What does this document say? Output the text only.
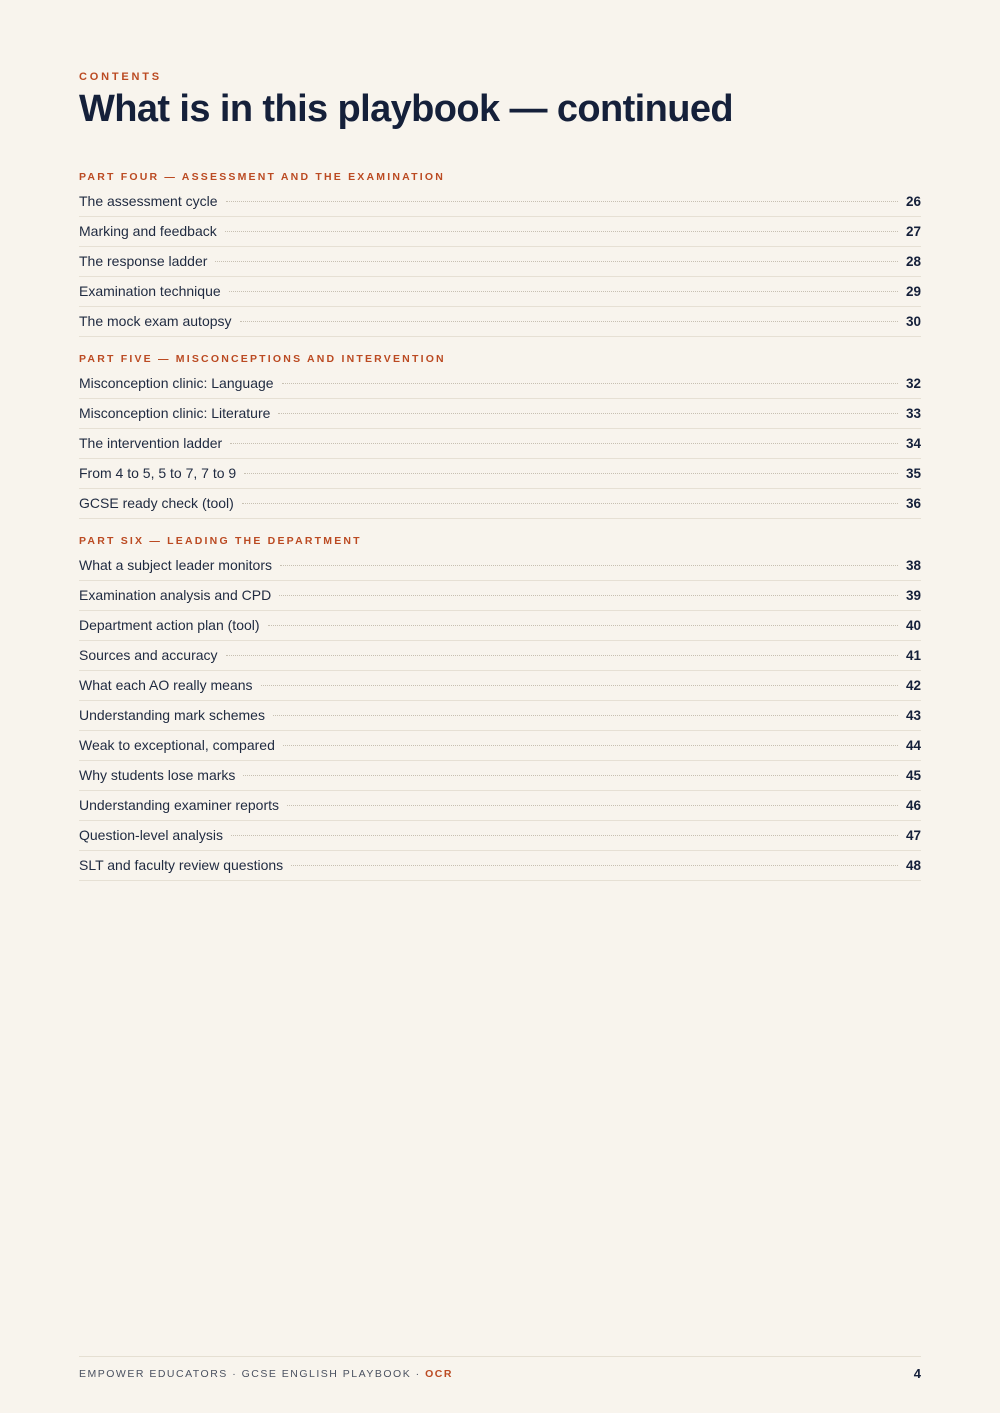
CONTENTS
What is in this playbook — continued
PART FOUR — ASSESSMENT AND THE EXAMINATION
The assessment cycle	26
Marking and feedback	27
The response ladder	28
Examination technique	29
The mock exam autopsy	30
PART FIVE — MISCONCEPTIONS AND INTERVENTION
Misconception clinic: Language	32
Misconception clinic: Literature	33
The intervention ladder	34
From 4 to 5, 5 to 7, 7 to 9	35
GCSE ready check (tool)	36
PART SIX — LEADING THE DEPARTMENT
What a subject leader monitors	38
Examination analysis and CPD	39
Department action plan (tool)	40
Sources and accuracy	41
What each AO really means	42
Understanding mark schemes	43
Weak to exceptional, compared	44
Why students lose marks	45
Understanding examiner reports	46
Question-level analysis	47
SLT and faculty review questions	48
EMPOWER EDUCATORS · GCSE ENGLISH PLAYBOOK · OCR	4
